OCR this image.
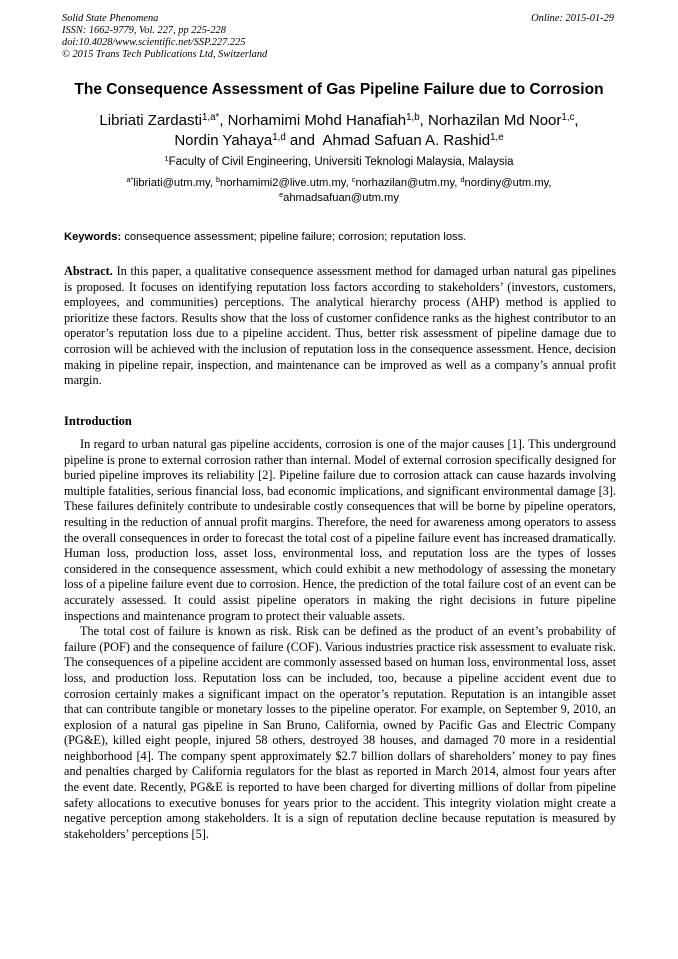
Solid State Phenomena
ISSN: 1662-9779, Vol. 227, pp 225-228
doi:10.4028/www.scientific.net/SSP.227.225
© 2015 Trans Tech Publications Ltd, Switzerland
Online: 2015-01-29
The Consequence Assessment of Gas Pipeline Failure due to Corrosion
Libriati Zardasti$^{1,a*}$, Norhamimi Mohd Hanafiah$^{1,b}$, Norhazilan Md Noor$^{1,c}$,
Nordin Yahaya$^{1,d}$ and  Ahmad Safuan A. Rashid$^{1,e}$
$^1$Faculty of Civil Engineering, Universiti Teknologi Malaysia, Malaysia
$^{a*}$libriati@utm.my, $^b$norhamimi2@live.utm.my, $^c$norhazilan@utm.my, $^d$nordiny@utm.my,
$^e$ahmadsafuan@utm.my
Keywords: consequence assessment; pipeline failure; corrosion; reputation loss.
Abstract. In this paper, a qualitative consequence assessment method for damaged urban natural gas pipelines is proposed. It focuses on identifying reputation loss factors according to stakeholders’ (investors, customers, employees, and communities) perceptions. The analytical hierarchy process (AHP) method is applied to prioritize these factors. Results show that the loss of customer confidence ranks as the highest contributor to an operator’s reputation loss due to a pipeline accident. Thus, better risk assessment of pipeline damage due to corrosion will be achieved with the inclusion of reputation loss in the consequence assessment. Hence, decision making in pipeline repair, inspection, and maintenance can be improved as well as a company’s annual profit margin.
Introduction

In regard to urban natural gas pipeline accidents, corrosion is one of the major causes [1]. This underground pipeline is prone to external corrosion rather than internal. Model of external corrosion specifically designed for buried pipeline improves its reliability [2]. Pipeline failure due to corrosion attack can cause hazards involving multiple fatalities, serious financial loss, bad economic implications, and significant environmental damage [3]. These failures definitely contribute to undesirable costly consequences that will be borne by pipeline operators, resulting in the reduction of annual profit margins. Therefore, the need for awareness among operators to assess the overall consequences in order to forecast the total cost of a pipeline failure event has increased dramatically. Human loss, production loss, asset loss, environmental loss, and reputation loss are the types of losses considered in the consequence assessment, which could exhibit a new methodology of assessing the monetary loss of a pipeline failure event due to corrosion. Hence, the prediction of the total failure cost of an event can be accurately assessed. It could assist pipeline operators in making the right decisions in future pipeline inspections and maintenance program to protect their valuable assets.

The total cost of failure is known as risk. Risk can be defined as the product of an event’s probability of failure (POF) and the consequence of failure (COF). Various industries practice risk assessment to evaluate risk. The consequences of a pipeline accident are commonly assessed based on human loss, environmental loss, asset loss, and production loss. Reputation loss can be included, too, because a pipeline accident event due to corrosion certainly makes a significant impact on the operator’s reputation. Reputation is an intangible asset that can contribute tangible or monetary losses to the pipeline operator. For example, on September 9, 2010, an explosion of a natural gas pipeline in San Bruno, California, owned by Pacific Gas and Electric Company (PG&E), killed eight people, injured 58 others, destroyed 38 houses, and damaged 70 more in a residential neighborhood [4]. The company spent approximately $2.7 billion dollars of shareholders’ money to pay fines and penalties charged by California regulators for the blast as reported in March 2014, almost four years after the event date. Recently, PG&E is reported to have been charged for diverting millions of dollar from pipeline safety allocations to executive bonuses for years prior to the accident. This integrity violation might create a negative perception among stakeholders. It is a sign of reputation decline because reputation is measured by stakeholders’ perceptions [5].
